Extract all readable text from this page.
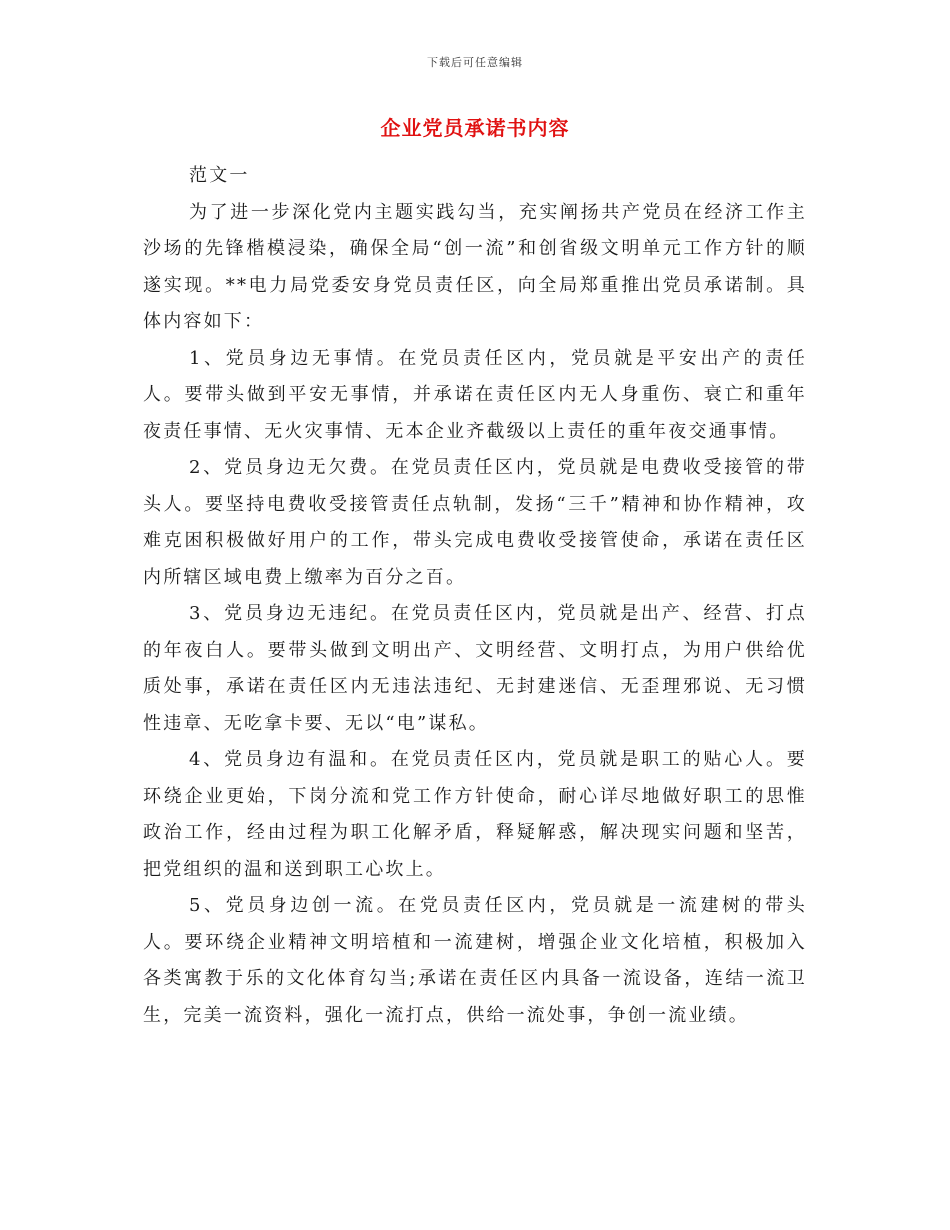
下载后可任意编辑
企业党员承诺书内容

范文一

为了进一步深化党内主题实践勾当，充实阐扬共产党员在经济工作主沙场的先锋楷模浸染，确保全局“创一流”和创省级文明单元工作方针的顺遂实现。**电力局党委安身党员责任区，向全局郑重推出党员承诺制。具体内容如下：

1、党员身边无事情。在党员责任区内，党员就是平安出产的责任人。要带头做到平安无事情，并承诺在责任区内无人身重伤、衰亡和重年夜责任事情、无火灾事情、无本企业齐截级以上责任的重年夜交通事情。

2、党员身边无欠费。在党员责任区内，党员就是电费收受接管的带头人。要坚持电费收受接管责任点轨制，发扬“三千”精神和协作精神，攻难克困积极做好用户的工作，带头完成电费收受接管使命，承诺在责任区内所辖区域电费上缴率为百分之百。

3、党员身边无违纪。在党员责任区内，党员就是出产、经营、打点的年夜白人。要带头做到文明出产、文明经营、文明打点，为用户供给优质处事，承诺在责任区内无违法违纪、无封建迷信、无歪理邪说、无习惯性违章、无吃拿卡要、无以“电”谋私。

4、党员身边有温和。在党员责任区内，党员就是职工的贴心人。要环绕企业更始，下岗分流和党工作方针使命，耐心详尽地做好职工的思惟政治工作，经由过程为职工化解矛盾，释疑解惑，解决现实问题和坚苦，把党组织的温和送到职工心坎上。

5、党员身边创一流。在党员责任区内，党员就是一流建树的带头人。要环绕企业精神文明培植和一流建树，增强企业文化培植，积极加入各类寓教于乐的文化体育勾当;承诺在责任区内具备一流设备，连结一流卫生，完美一流资料，强化一流打点，供给一流处事，争创一流业绩。
